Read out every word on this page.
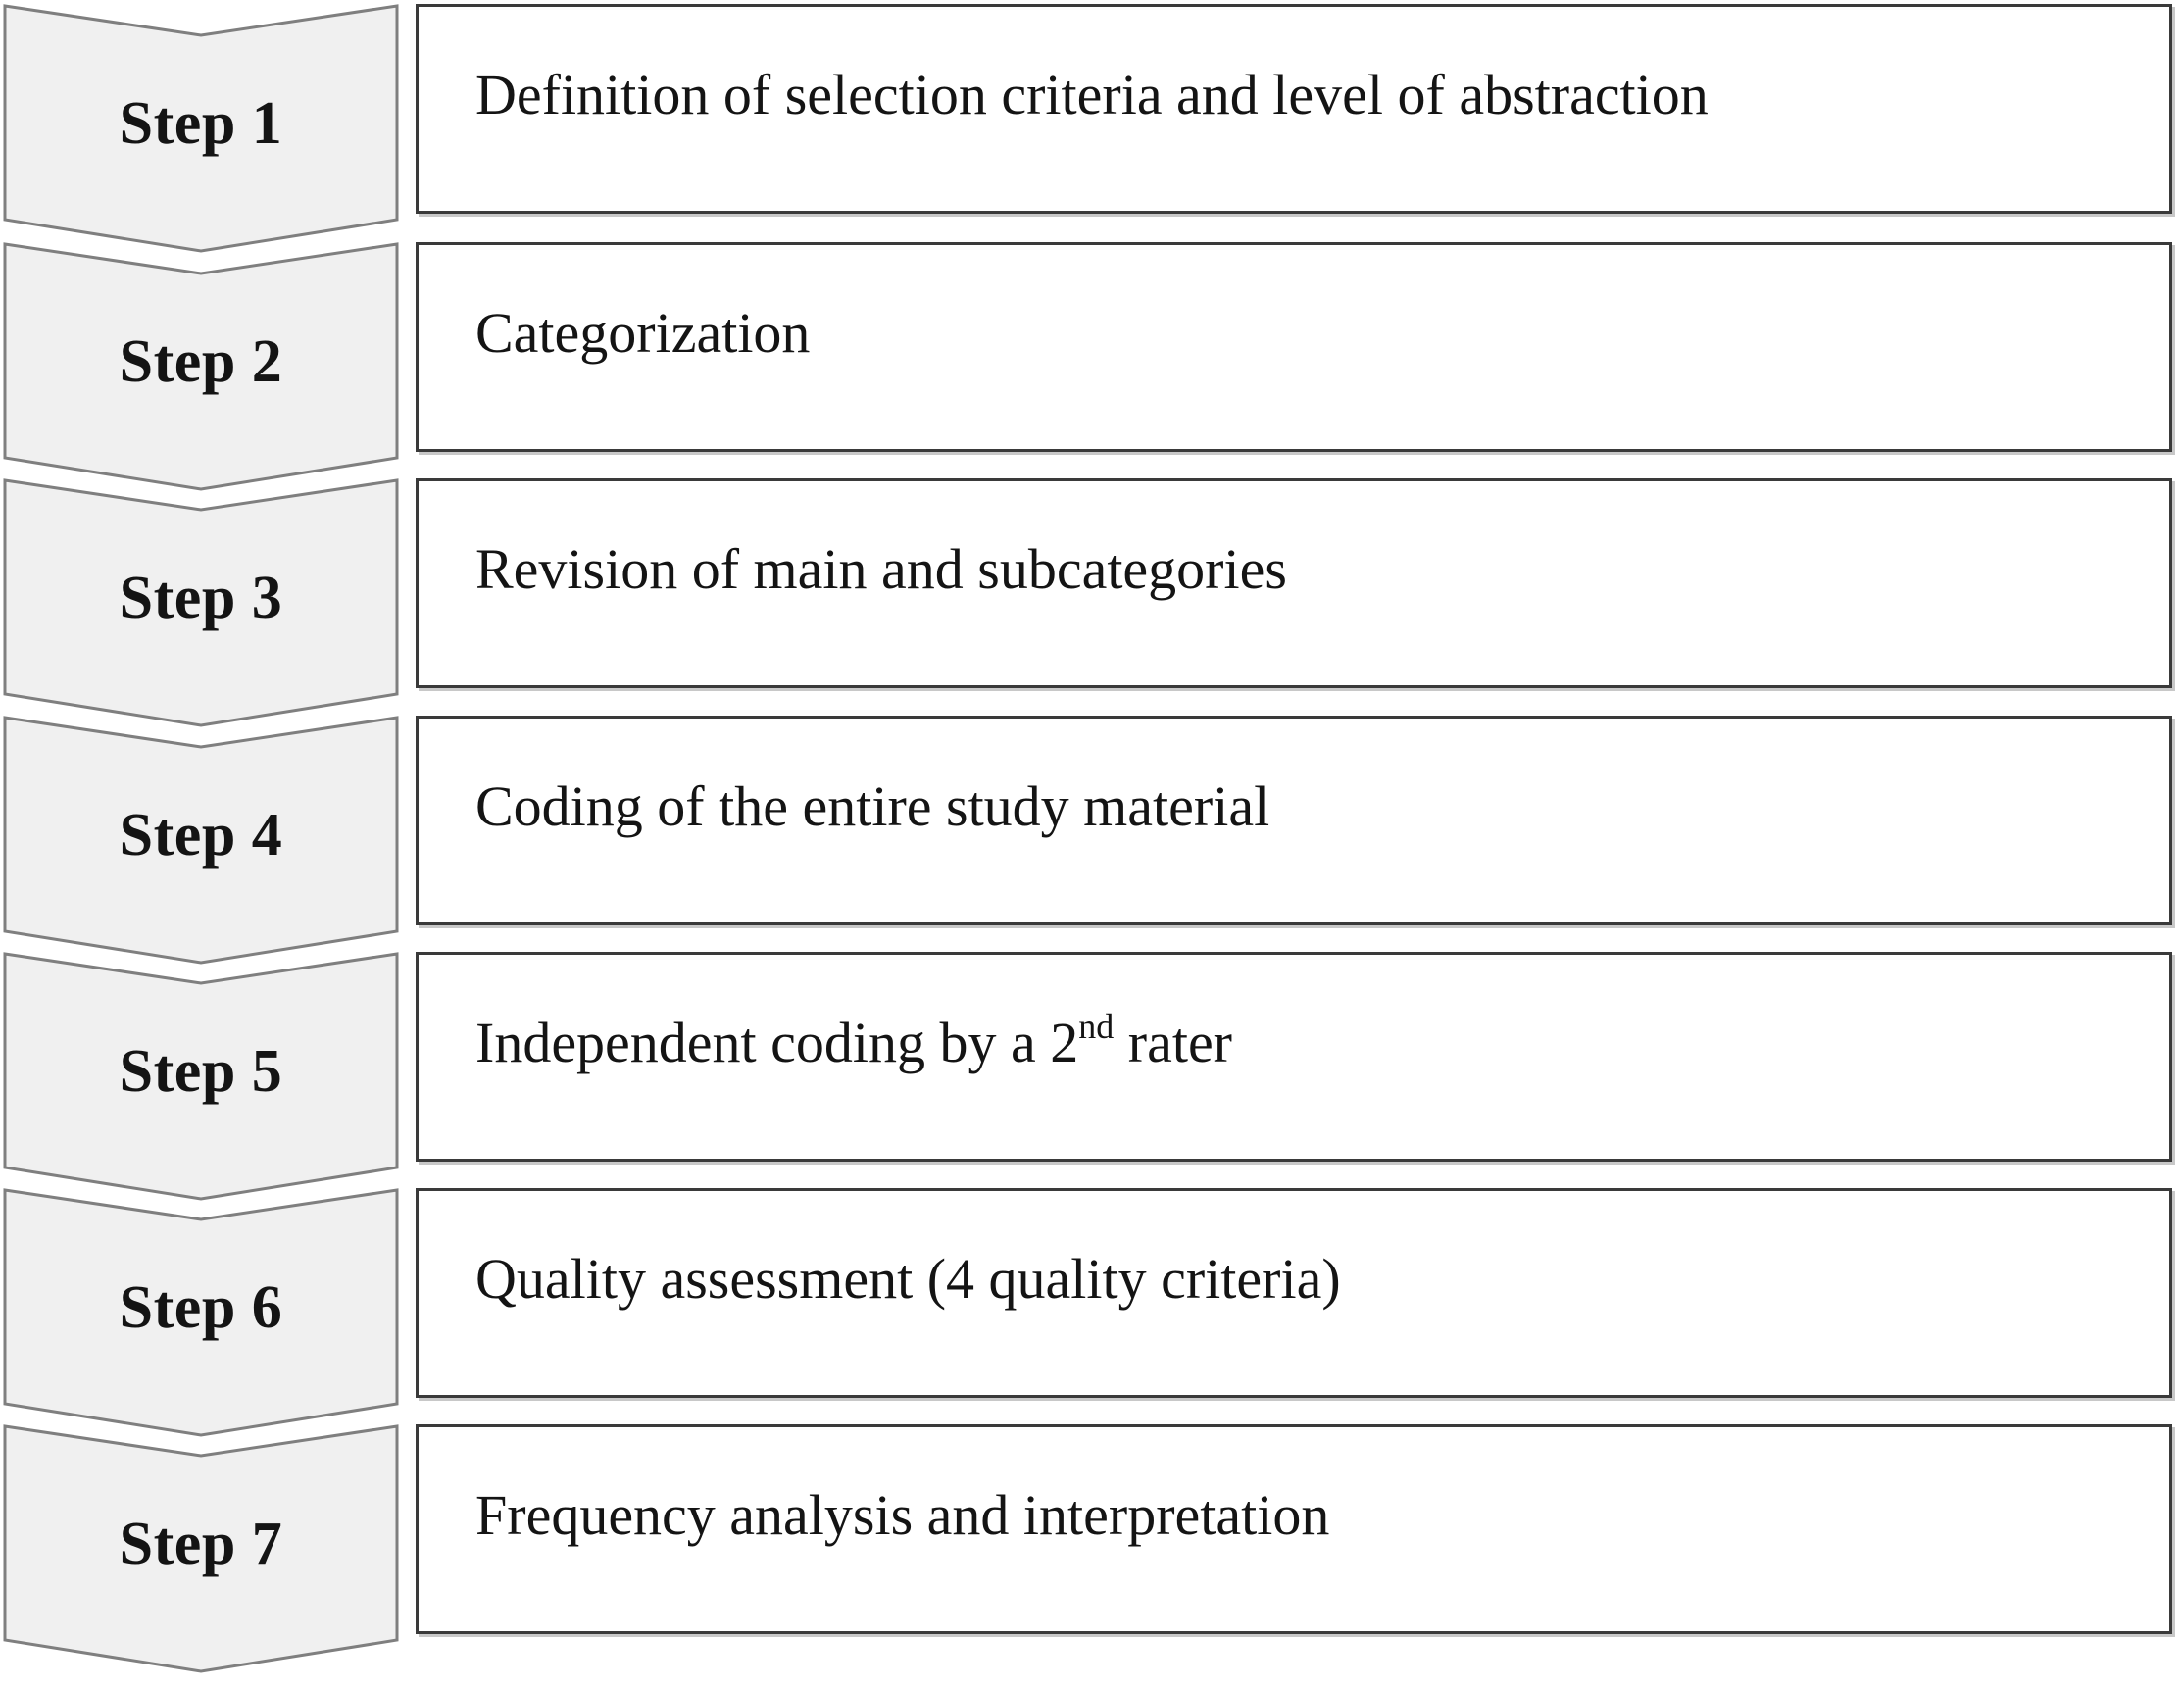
Step 1	Definition of selection criteria and level of abstraction
Step 2	Categorization
Step 3	Revision of main and subcategories
Step 4	Coding of the entire study material
Step 5	Independent coding by a 2nd rater
Step 6	Quality assessment (4 quality criteria)
Step 7	Frequency analysis and interpretation
